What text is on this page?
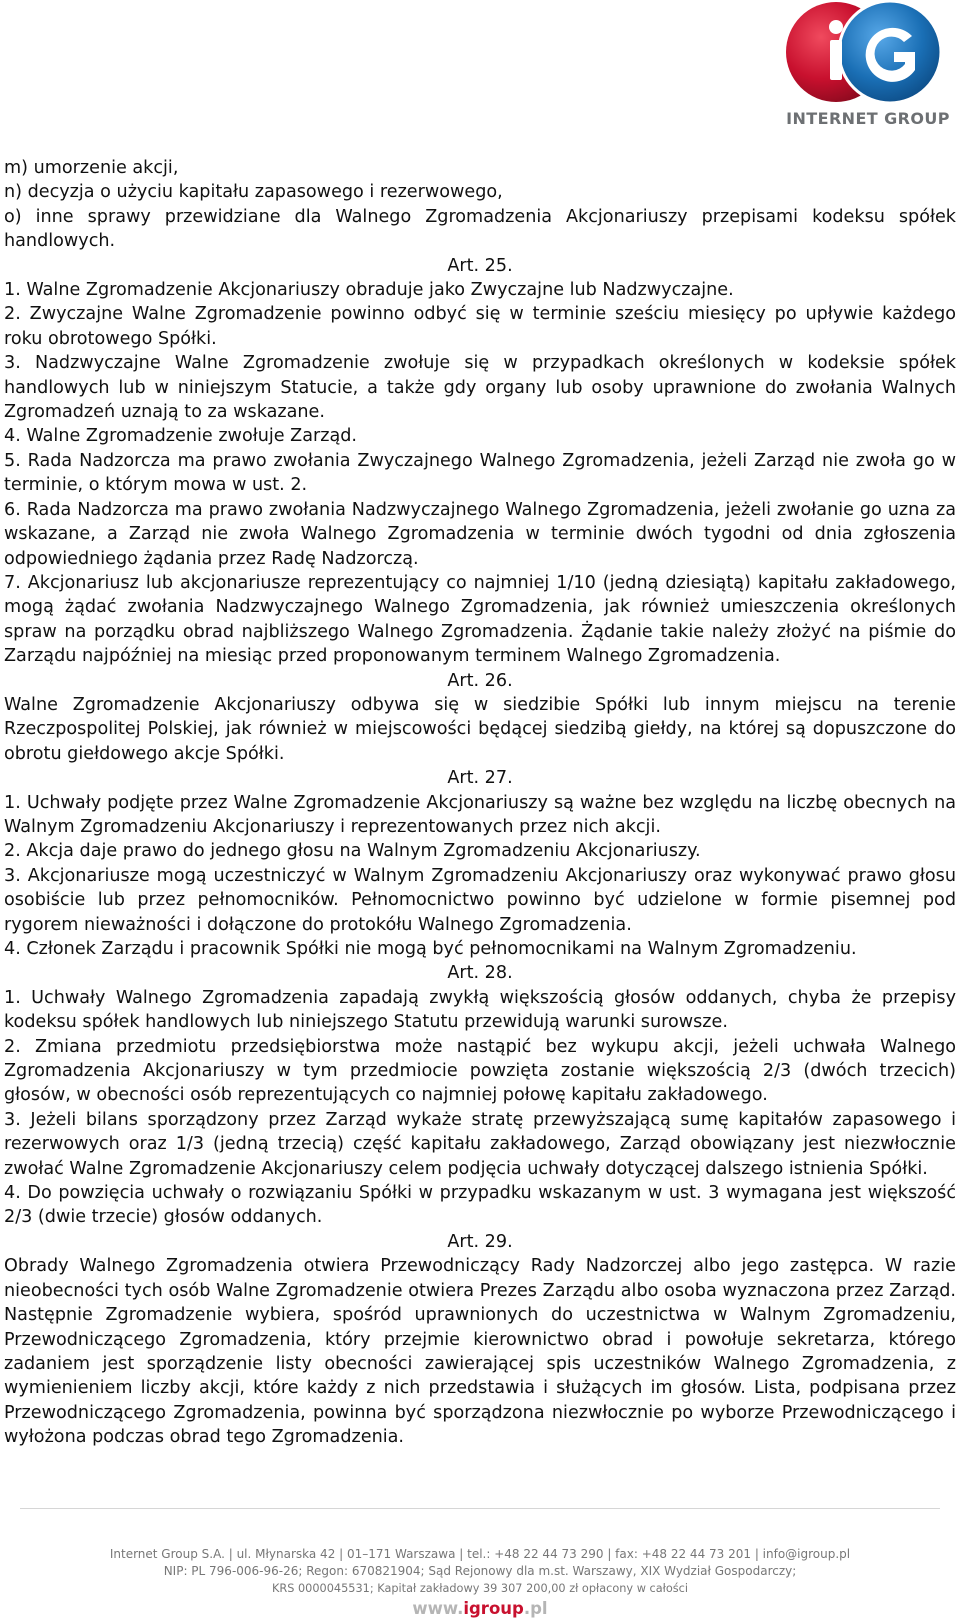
INTERNET GROUP

m) umorzenie akcji,

n) decyzja o użyciu kapitału zapasowego i rezerwowego,

o) inne sprawy przewidziane dla Walnego Zgromadzenia Akcjonariuszy przepisami kodeksu spółek handlowych.

Art. 25.

1. Walne Zgromadzenie Akcjonariuszy obraduje jako Zwyczajne lub Nadzwyczajne.

2. Zwyczajne Walne Zgromadzenie powinno odbyć się w terminie sześciu miesięcy po upływie każdego roku obrotowego Spółki.

3. Nadzwyczajne Walne Zgromadzenie zwołuje się w przypadkach określonych w kodeksie spółek handlowych lub w niniejszym Statucie, a także gdy organy lub osoby uprawnione do zwołania Walnych Zgromadzeń uznają to za wskazane.

4. Walne Zgromadzenie zwołuje Zarząd.

5. Rada Nadzorcza ma prawo zwołania Zwyczajnego Walnego Zgromadzenia, jeżeli Zarząd nie zwoła go w terminie, o którym mowa w ust. 2.

6. Rada Nadzorcza ma prawo zwołania Nadzwyczajnego Walnego Zgromadzenia, jeżeli zwołanie go uzna za wskazane, a Zarząd nie zwoła Walnego Zgromadzenia w terminie dwóch tygodni od dnia zgłoszenia odpowiedniego żądania przez Radę Nadzorczą.

7. Akcjonariusz lub akcjonariusze reprezentujący co najmniej 1/10 (jedną dziesiątą) kapitału zakładowego, mogą żądać zwołania Nadzwyczajnego Walnego Zgromadzenia, jak również umieszczenia określonych spraw na porządku obrad najbliższego Walnego Zgromadzenia. Żądanie takie należy złożyć na piśmie do Zarządu najpóźniej na miesiąc przed proponowanym terminem Walnego Zgromadzenia.

Art. 26.

Walne Zgromadzenie Akcjonariuszy odbywa się w siedzibie Spółki lub innym miejscu na terenie Rzeczpospolitej Polskiej, jak również w miejscowości będącej siedzibą giełdy, na której są dopuszczone do obrotu giełdowego akcje Spółki.

Art. 27.

1. Uchwały podjęte przez Walne Zgromadzenie Akcjonariuszy są ważne bez względu na liczbę obecnych na Walnym Zgromadzeniu Akcjonariuszy i reprezentowanych przez nich akcji.

2. Akcja daje prawo do jednego głosu na Walnym Zgromadzeniu Akcjonariuszy.

3. Akcjonariusze mogą uczestniczyć w Walnym Zgromadzeniu Akcjonariuszy oraz wykonywać prawo głosu osobiście lub przez pełnomocników. Pełnomocnictwo powinno być udzielone w formie pisemnej pod rygorem nieważności i dołączone do protokółu Walnego Zgromadzenia.

4. Członek Zarządu i pracownik Spółki nie mogą być pełnomocnikami na Walnym Zgromadzeniu.

Art. 28.

1. Uchwały Walnego Zgromadzenia zapadają zwykłą większością głosów oddanych, chyba że przepisy kodeksu spółek handlowych lub niniejszego Statutu przewidują warunki surowsze.

2. Zmiana przedmiotu przedsiębiorstwa może nastąpić bez wykupu akcji, jeżeli uchwała Walnego Zgromadzenia Akcjonariuszy w tym przedmiocie powzięta zostanie większością 2/3 (dwóch trzecich) głosów, w obecności osób reprezentujących co najmniej połowę kapitału zakładowego.

3. Jeżeli bilans sporządzony przez Zarząd wykaże stratę przewyższającą sumę kapitałów zapasowego i rezerwowych oraz 1/3 (jedną trzecią) część kapitału zakładowego, Zarząd obowiązany jest niezwłocznie zwołać Walne Zgromadzenie Akcjonariuszy celem podjęcia uchwały dotyczącej dalszego istnienia Spółki.

4. Do powzięcia uchwały o rozwiązaniu Spółki w przypadku wskazanym w ust. 3 wymagana jest większość 2/3 (dwie trzecie) głosów oddanych.

Art. 29.

Obrady Walnego Zgromadzenia otwiera Przewodniczący Rady Nadzorczej albo jego zastępca. W razie nieobecności tych osób Walne Zgromadzenie otwiera Prezes Zarządu albo osoba wyznaczona przez Zarząd. Następnie Zgromadzenie wybiera, spośród uprawnionych do uczestnictwa w Walnym Zgromadzeniu, Przewodniczącego Zgromadzenia, który przejmie kierownictwo obrad i powołuje sekretarza, którego zadaniem jest sporządzenie listy obecności zawierającej spis uczestników Walnego Zgromadzenia, z wymienieniem liczby akcji, które każdy z nich przedstawia i służących im głosów. Lista, podpisana przez Przewodniczącego Zgromadzenia, powinna być sporządzona niezwłocznie po wyborze Przewodniczącego i wyłożona podczas obrad tego Zgromadzenia.

Internet Group S.A. | ul. Młynarska 42 | 01–171 Warszawa | tel.: +48 22 44 73 290 | fax: +48 22 44 73 201 | info@igroup.pl
NIP: PL 796-006-96-26; Regon: 670821904; Sąd Rejonowy dla m.st. Warszawy, XIX Wydział Gospodarczy;
KRS 0000045531; Kapitał zakładowy 39 307 200,00 zł opłacony w całości
www.igroup.pl
